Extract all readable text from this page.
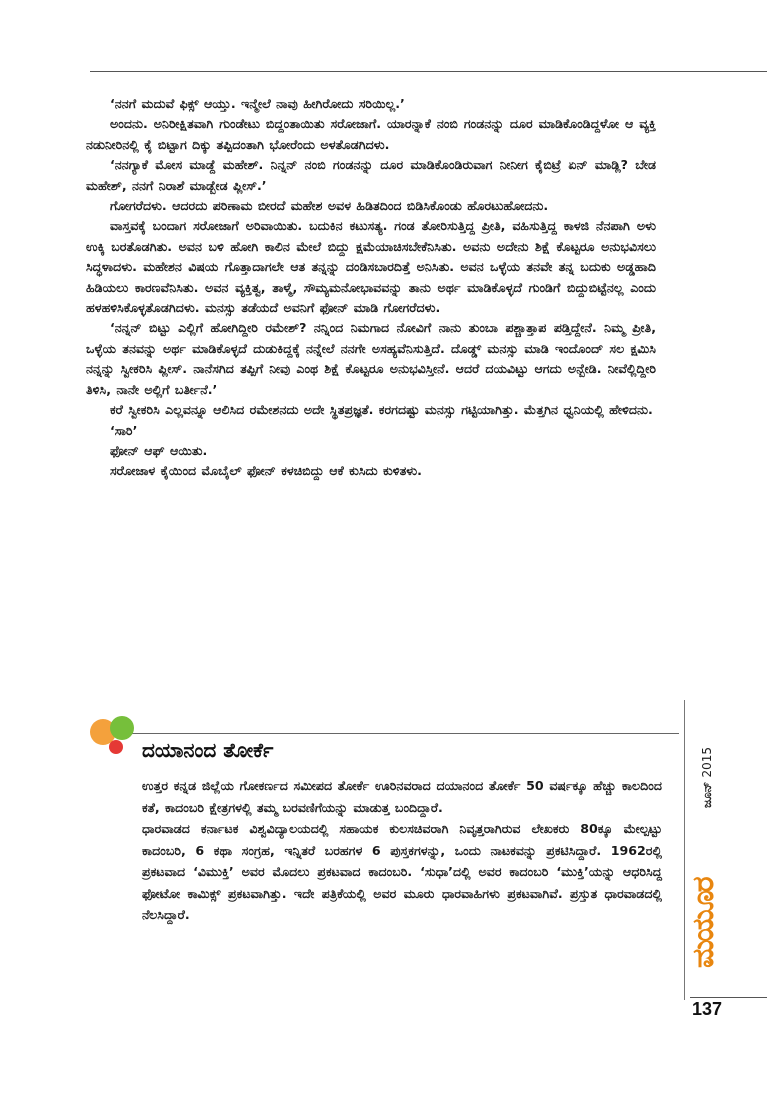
‘ನನಗೆ ಮದುವೆ ಫಿಕ್ಸ್ ಆಯ್ತು. ಇನ್ಮೇಲೆ ನಾವು ಹೀಗಿರೋದು ಸರಿಯಿಲ್ಲ.’

ಅಂದನು. ಅನಿರೀಕ್ಷಿತವಾಗಿ ಗುಂಡೇಟು ಬಿದ್ದಂತಾಯಿತು ಸರೋಜಾಗೆ. ಯಾರನ್ನಾಕೆ ನಂಬಿ ಗಂಡನನ್ನು ದೂರ ಮಾಡಿಕೊಂಡಿದ್ದಳೋ ಆ ವ್ಯಕ್ತಿ ನಡುನೀರಿನಲ್ಲಿ ಕೈ ಬಿಟ್ಟಾಗ ದಿಕ್ಕು ತಪ್ಪಿದಂತಾಗಿ ಭೋರೆಂದು ಅಳತೊಡಗಿದಳು.

‘ನನಗ್ಯಾಕೆ ಮೋಸ ಮಾಡ್ದೆ ಮಹೇಶ್. ನಿನ್ನನ್ ನಂಬಿ ಗಂಡನನ್ನು ದೂರ ಮಾಡಿಕೊಂಡಿರುವಾಗ ನೀನೀಗ ಕೈಬಿಟ್ರೆ ಏನ್ ಮಾಡ್ಲಿ? ಬೇಡ ಮಹೇಶ್, ನನಗೆ ನಿರಾಶೆ ಮಾಡ್ಬೇಡ ಪ್ಲೀಸ್.’

ಗೋಗರೆದಳು. ಆದರದು ಪರಿಣಾಮ ಬೀರದೆ ಮಹೇಶ ಅವಳ ಹಿಡಿತದಿಂದ ಬಿಡಿಸಿಕೊಂಡು ಹೊರಟುಹೋದನು.

ವಾಸ್ತವಕ್ಕೆ ಬಂದಾಗ ಸರೋಜಾಗೆ ಅರಿವಾಯಿತು. ಬದುಕಿನ ಕಟುಸತ್ಯ. ಗಂಡ ತೋರಿಸುತ್ತಿದ್ದ ಪ್ರೀತಿ, ವಹಿಸುತ್ತಿದ್ದ ಕಾಳಜಿ ನೆನಪಾಗಿ ಅಳು ಉಕ್ಕಿ ಬರತೊಡಗಿತು. ಅವನ ಬಳಿ ಹೋಗಿ ಕಾಲಿನ ಮೇಲೆ ಬಿದ್ದು ಕ್ಷಮೆಯಾಚಿಸಬೇಕೆನಿಸಿತು. ಅವನು ಅದೇನು ಶಿಕ್ಷೆ ಕೊಟ್ಟರೂ ಅನುಭವಿಸಲು ಸಿದ್ಧಳಾದಳು. ಮಹೇಶನ ವಿಷಯ ಗೊತ್ತಾದಾಗಲೇ ಆತ ತನ್ನನ್ನು ದಂಡಿಸಬಾರದಿತ್ತೆ ಅನಿಸಿತು. ಅವನ ಒಳ್ಳೆಯ ತನವೇ ತನ್ನ ಬದುಕು ಅಡ್ಡಹಾದಿ ಹಿಡಿಯಲು ಕಾರಣವೆನಿಸಿತು. ಅವನ ವ್ಯಕ್ತಿತ್ವ, ತಾಳ್ಮೆ, ಸೌಮ್ಯಮನೋಭಾವವನ್ನು ತಾನು ಅರ್ಥ ಮಾಡಿಕೊಳ್ಳದೆ ಗುಂಡಿಗೆ ಬಿದ್ದುಬಿಟ್ಟೆನಲ್ಲ ಎಂದು ಹಳಹಳಿಸಿಕೊಳ್ಳತೊಡಗಿದಳು. ಮನಸ್ಸು ತಡೆಯದೆ ಅವನಿಗೆ ಫೋನ್ ಮಾಡಿ ಗೋಗರೆದಳು.

‘ನನ್ನನ್ ಬಿಟ್ಟು ಎಲ್ಲಿಗೆ ಹೋಗಿದ್ದೀರಿ ರಮೇಶ್? ನನ್ನಿಂದ ನಿಮಗಾದ ನೋವಿಗೆ ನಾನು ತುಂಬಾ ಪಶ್ಚಾತ್ತಾಪ ಪಡ್ತಿದ್ದೇನೆ. ನಿಮ್ಮ ಪ್ರೀತಿ, ಒಳ್ಳೆಯ ತನವನ್ನು ಅರ್ಥ ಮಾಡಿಕೊಳ್ಳದೆ ದುಡುಕಿದ್ದಕ್ಕೆ ನನ್ನೇಲೆ ನನಗೇ ಅಸಹ್ಯವೆನಿಸುತ್ತಿದೆ. ದೊಡ್ಡ್ ಮನಸ್ಸು ಮಾಡಿ ಇಂದೊಂದ್ ಸಲ ಕ್ಷಮಿಸಿ ನನ್ನನ್ನು ಸ್ವೀಕರಿಸಿ ಪ್ಲೀಸ್. ನಾನೆಸಗಿದ ತಪ್ಪಿಗೆ ನೀವು ಎಂಥ ಶಿಕ್ಷೆ ಕೊಟ್ಟರೂ ಅನುಭವಿಸ್ತೀನೆ. ಆದರೆ ದಯವಿಟ್ಟು ಆಗದು ಅನ್ಬೇಡಿ. ನೀವೆಲ್ಲಿದ್ದೀರಿ ತಿಳಿಸಿ, ನಾನೇ ಅಲ್ಲಿಗೆ ಬರ್ತೀನೆ.’

ಕರೆ ಸ್ವೀಕರಿಸಿ ಎಲ್ಲವನ್ನೂ ಆಲಿಸಿದ ರಮೇಶನದು ಅದೇ ಸ್ಥಿತಪ್ರಜ್ಞತೆ. ಕರಗದಷ್ಟು ಮನಸ್ಸು ಗಟ್ಟಿಯಾಗಿತ್ತು. ಮೆತ್ತಗಿನ ಧ್ವನಿಯಲ್ಲಿ ಹೇಳಿದನು.

‘ಸಾರಿ’

ಫೋನ್ ಆಫ್ ಆಯಿತು.

ಸರೋಜಾಳ ಕೈಯಿಂದ ಮೊಬೈಲ್ ಫೋನ್ ಕಳಚಿಬಿದ್ದು ಆಕೆ ಕುಸಿದು ಕುಳಿತಳು.

ದಯಾನಂದ ತೋರ್ಕೆ

ಉತ್ತರ ಕನ್ನಡ ಜಿಲ್ಲೆಯ ಗೋಕರ್ಣದ ಸಮೀಪದ ತೋರ್ಕೆ ಊರಿನವರಾದ ದಯಾನಂದ ತೋರ್ಕೆ 50 ವರ್ಷಕ್ಕೂ ಹೆಚ್ಚು ಕಾಲದಿಂದ ಕತೆ, ಕಾದಂಬರಿ ಕ್ಷೇತ್ರಗಳಲ್ಲಿ ತಮ್ಮ ಬರವಣಿಗೆಯನ್ನು ಮಾಡುತ್ತ ಬಂದಿದ್ದಾರೆ.

ಧಾರವಾಡದ ಕರ್ನಾಟಕ ವಿಶ್ವವಿದ್ಯಾಲಯದಲ್ಲಿ ಸಹಾಯಕ ಕುಲಸಚಿವರಾಗಿ ನಿವೃತ್ತರಾಗಿರುವ ಲೇಖಕರು 80ಕ್ಕೂ ಮೇಲ್ಪಟ್ಟು ಕಾದಂಬರಿ, 6 ಕಥಾ ಸಂಗ್ರಹ, ಇನ್ನಿತರೆ ಬರಹಗಳ 6 ಪುಸ್ತಕಗಳನ್ನು, ಒಂದು ನಾಟಕವನ್ನು ಪ್ರಕಟಿಸಿದ್ದಾರೆ. 1962ರಲ್ಲಿ ಪ್ರಕಟವಾದ ‘ವಿಮುಕ್ತಿ’ ಅವರ ಮೊದಲು ಪ್ರಕಟವಾದ ಕಾದಂಬರಿ. ‘ಸುಧಾ’ದಲ್ಲಿ ಅವರ ಕಾದಂಬರಿ ‘ಮುಕ್ತಿ’ಯನ್ನು ಆಧರಿಸಿದ್ದ ಫೋಟೋ ಕಾಮಿಕ್ಸ್ ಪ್ರಕಟವಾಗಿತ್ತು. ಇದೇ ಪತ್ರಿಕೆಯಲ್ಲಿ ಅವರ ಮೂರು ಧಾರವಾಹಿಗಳು ಪ್ರಕಟವಾಗಿವೆ. ಪ್ರಸ್ತುತ ಧಾರವಾಡದಲ್ಲಿ ನೆಲಸಿದ್ದಾರೆ.

ಜೂನ್ 2015
ಮಯೂರ
137
